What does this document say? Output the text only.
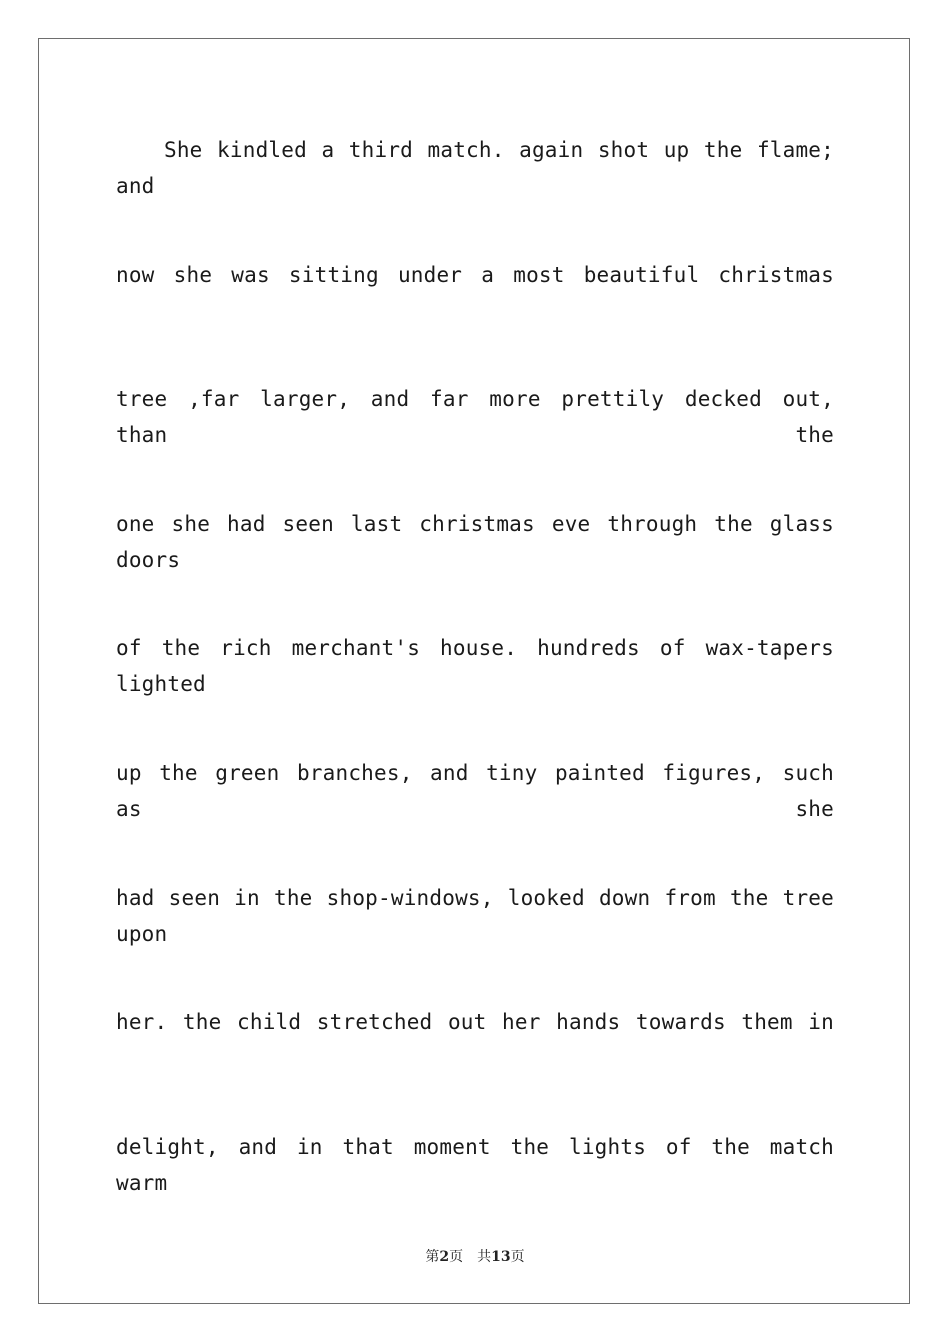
She kindled a third match. again shot up the flame; and
now she was sitting under a most beautiful christmas
tree ,far larger, and far more prettily decked out, than the
one she had seen last christmas eve through the glass doors
of the rich merchant's house. hundreds of wax-tapers lighted
up the green branches, and tiny painted figures, such as she
had seen in the shop-windows, looked down from the tree upon
her. the child stretched out her hands towards them in
delight, and in that moment the lights of the match warm
第2页 共13页
